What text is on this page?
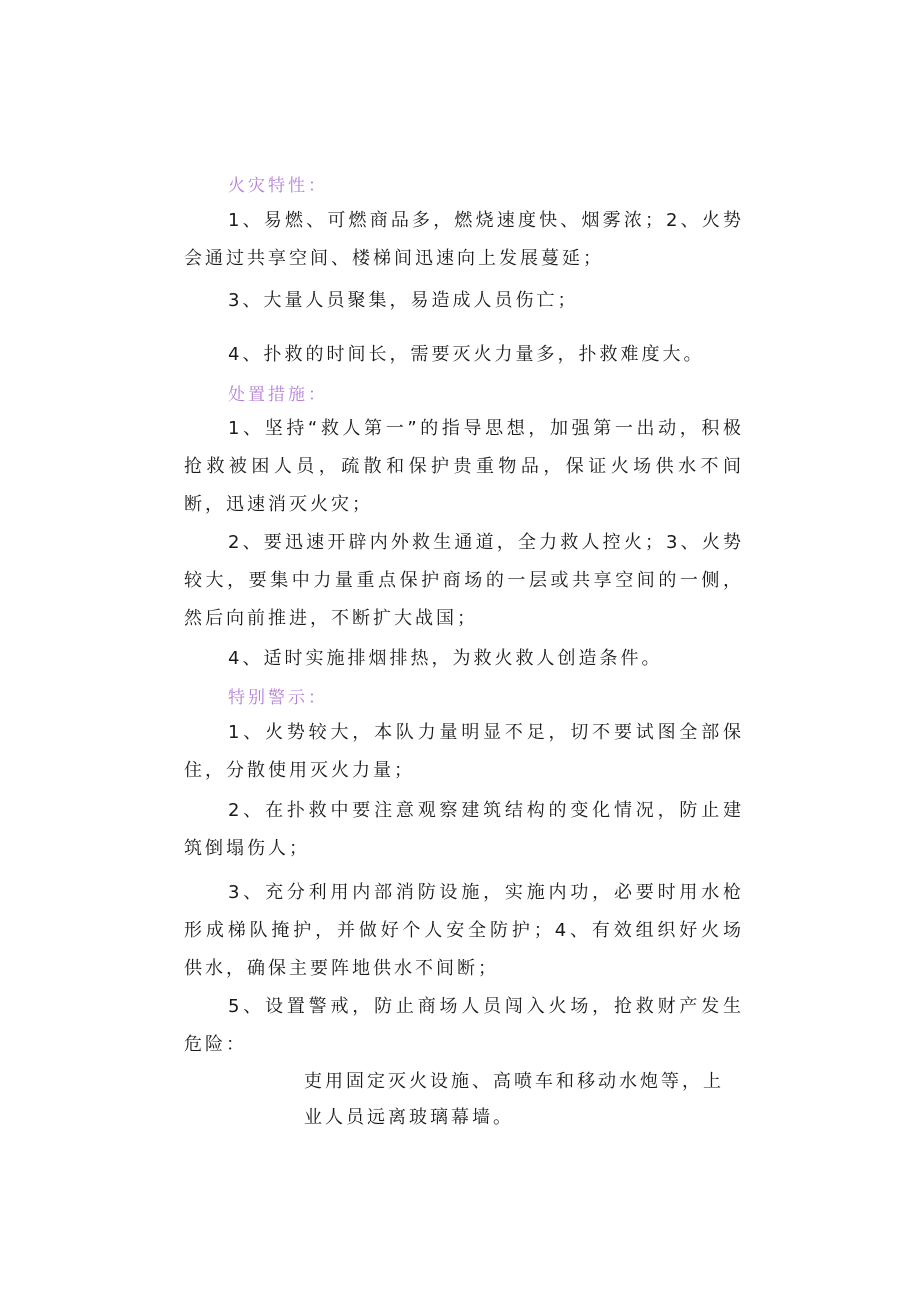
火灾特性：

1、易燃、可燃商品多，燃烧速度快、烟雾浓；2、火势会通过共享空间、楼梯间迅速向上发展蔓延；

3、大量人员聚集，易造成人员伤亡；

4、扑救的时间长，需要灭火力量多，扑救难度大。

处置措施：

1、坚持“救人第一”的指导思想，加强第一出动，积极抢救被困人员，疏散和保护贵重物品，保证火场供水不间断，迅速消灭火灾；

2、要迅速开辟内外救生通道，全力救人控火；3、火势较大，要集中力量重点保护商场的一层或共享空间的一侧，然后向前推进，不断扩大战国；

4、适时实施排烟排热，为救火救人创造条件。

特别警示：

1、火势较大，本队力量明显不足，切不要试图全部保住，分散使用灭火力量；

2、在扑救中要注意观察建筑结构的变化情况，防止建筑倒塌伤人；

3、充分利用内部消防设施，实施内功，必要时用水枪形成梯队掩护，并做好个人安全防护；4、有效组织好火场供水，确保主要阵地供水不间断；

5、设置警戒，防止商场人员闯入火场，抢救财产发生危险：

吏用固定灭火设施、高喷车和移动水炮等，上

业人员远离玻璃幕墙。
